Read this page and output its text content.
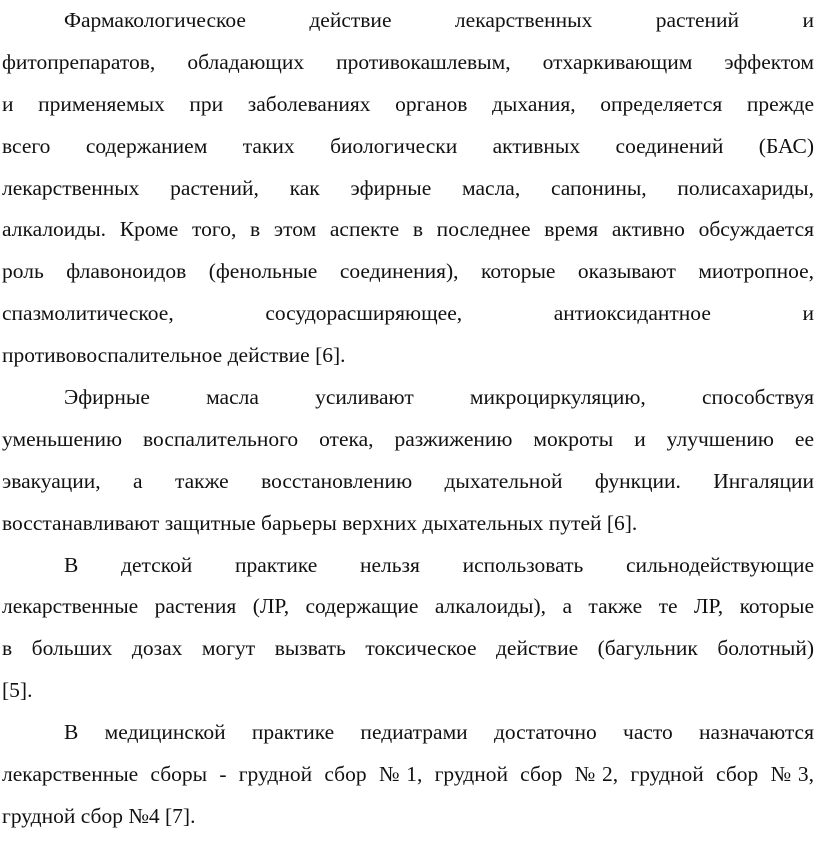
Фармакологическое действие лекарственных растений и
фитопрепаратов, обладающих противокашлевым, отхаркивающим эффектом
и применяемых при заболеваниях органов дыхания, определяется прежде
всего содержанием таких биологически активных соединений (БАС)
лекарственных растений, как эфирные масла, сапонины, полисахариды,
алкалоиды. Кроме того, в этом аспекте в последнее время активно обсуждается
роль флавоноидов (фенольные соединения), которые оказывают миотропное,
спазмолитическое, сосудорасширяющее, антиоксидантное и
противовоспалительное действие [6].
Эфирные масла усиливают микроциркуляцию, способствуя
уменьшению воспалительного отека, разжижению мокроты и улучшению ее
эвакуации, а также восстановлению дыхательной функции. Ингаляции
восстанавливают защитные барьеры верхних дыхательных путей [6].
В детской практике нельзя использовать сильнодействующие
лекарственные растения (ЛР, содержащие алкалоиды), а также те ЛР, которые
в больших дозах могут вызвать токсическое действие (багульник болотный)
[5].
В медицинской практике педиатрами достаточно часто назначаются
лекарственные сборы - грудной сбор №1, грудной сбор №2, грудной сбор №3,
грудной сбор №4 [7].
